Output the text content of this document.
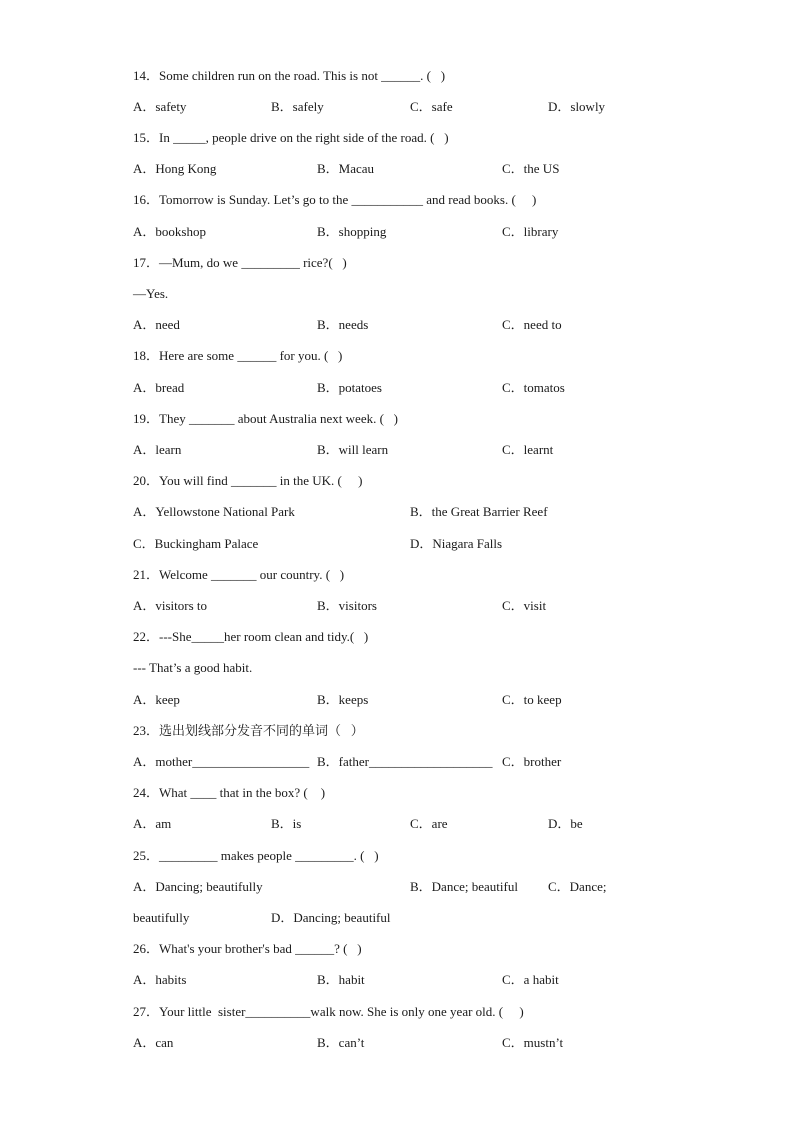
14．Some children run on the road. This is not ______. (   )
A．safety	B．safely	C．safe	D．slowly
15．In _____, people drive on the right side of the road. (   )
A．Hong Kong	B．Macau	C．the US
16．Tomorrow is Sunday. Let’s go to the ___________ and read books. (     )
A．bookshop	B．shopping	C．library
17．—Mum, do we _________ rice?(   )
—Yes.
A．need	B．needs	C．need to
18．Here are some ______ for you. (   )
A．bread	B．potatoes	C．tomatos
19．They _______ about Australia next week. (   )
A．learn	B．will learn	C．learnt
20．You will find _______ in the UK. (     )
A．Yellowstone National Park	B．the Great Barrier Reef
C．Buckingham Palace	D．Niagara Falls
21．Welcome _______ our country. (   )
A．visitors to	B．visitors	C．visit
22．---She_____her room clean and tidy.(   )
--- That’s a good habit.
A．keep	B．keeps	C．to keep
23．选出划线部分发音不同的单词（   ）
A．mother__________________ B．father___________________ C．brother
24．What ____ that in the box? (    )
A．am	B．is	C．are	D．be
25．_________ makes people _________. (   )
A．Dancing; beautifully	B．Dance; beautiful C．Dance;
beautifully	D．Dancing; beautiful
26．What's your brother's bad ______? (   )
A．habits	B．habit	C．a habit
27．Your little  sister__________walk now. She is only one year old. (     )
A．can	B．can’t	C．mustn’t
